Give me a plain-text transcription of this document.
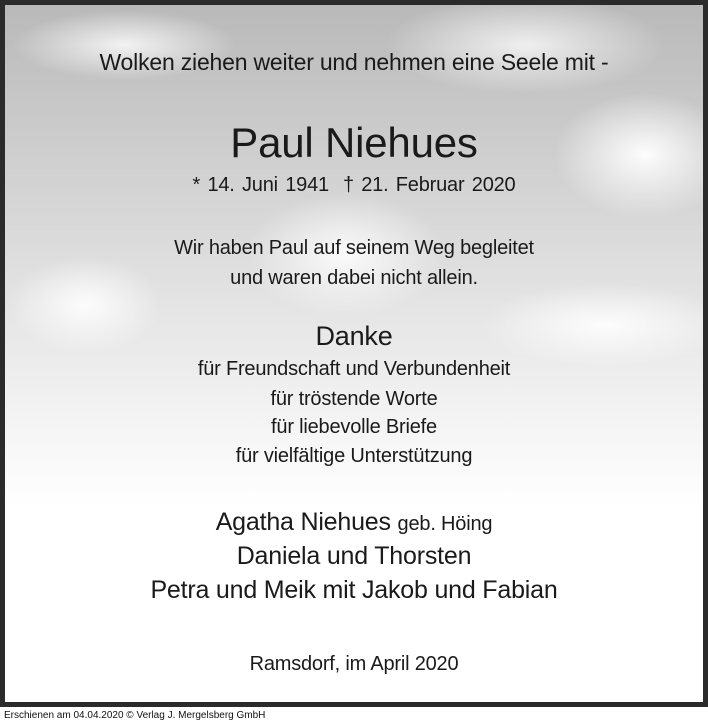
Wolken ziehen weiter und nehmen eine Seele mit -
Paul Niehues
* 14. Juni 1941 † 21. Februar 2020
Wir haben Paul auf seinem Weg begleitet
und waren dabei nicht allein.
Danke
für Freundschaft und Verbundenheit
für tröstende Worte
für liebevolle Briefe
für vielfältige Unterstützung
Agatha Niehues geb. Höing
Daniela und Thorsten
Petra und Meik mit Jakob und Fabian
Ramsdorf, im April 2020
Erschienen am 04.04.2020 © Verlag J. Mergelsberg GmbH
